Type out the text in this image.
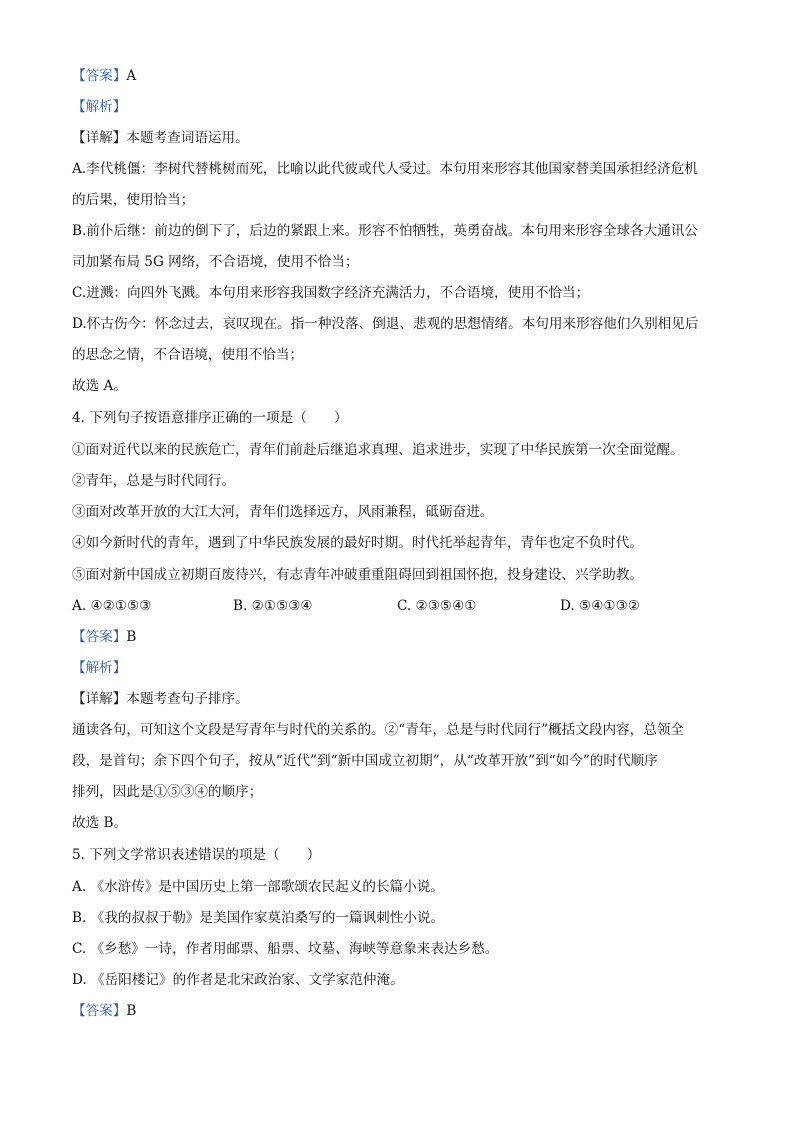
【答案】A
【解析】
【详解】本题考查词语运用。
A.李代桃僵：李树代替桃树而死，比喻以此代彼或代人受过。本句用来形容其他国家替美国承担经济危机
的后果，使用恰当；
B.前仆后继：前边的倒下了，后边的紧跟上来。形容不怕牺牲，英勇奋战。本句用来形容全球各大通讯公
司加紧布局 5G 网络，不合语境，使用不恰当；
C.迸溅：向四外飞溅。本句用来形容我国数字经济充满活力，不合语境，使用不恰当；
D.怀古伤今：怀念过去，哀叹现在。指一种没落、倒退、悲观的思想情绪。本句用来形容他们久别相见后
的思念之情，不合语境，使用不恰当；
故选 A。
4. 下列句子按语意排序正确的一项是（　　）
①面对近代以来的民族危亡，青年们前赴后继追求真理、追求进步，实现了中华民族第一次全面觉醒。
②青年，总是与时代同行。
③面对改革开放的大江大河，青年们选择远方，风雨兼程，砥砺奋进。
④如今新时代的青年，遇到了中华民族发展的最好时期。时代托举起青年，青年也定不负时代。
⑤面对新中国成立初期百废待兴，有志青年冲破重重阻碍回到祖国怀抱，投身建设、兴学助教。
A. ④②①⑤③	B. ②①⑤③④	C. ②③⑤④①	D. ⑤④①③②
【答案】B
【解析】
【详解】本题考查句子排序。
通读各句，可知这个文段是写青年与时代的关系的。②“青年，总是与时代同行”概括文段内容，总领全
段，是首句；余下四个句子，按从“近代”到“新中国成立初期”，从“改革开放”到“如今”的时代顺序
排列，因此是①⑤③④的顺序；
故选 B。
5. 下列文学常识表述错误的项是（　　）
A. 《水浒传》是中国历史上第一部歌颂农民起义的长篇小说。
B. 《我的叔叔于勒》是美国作家莫泊桑写的一篇讽刺性小说。
C. 《乡愁》一诗，作者用邮票、船票、坟墓、海峡等意象来表达乡愁。
D. 《岳阳楼记》的作者是北宋政治家、文学家范仲淹。
【答案】B
